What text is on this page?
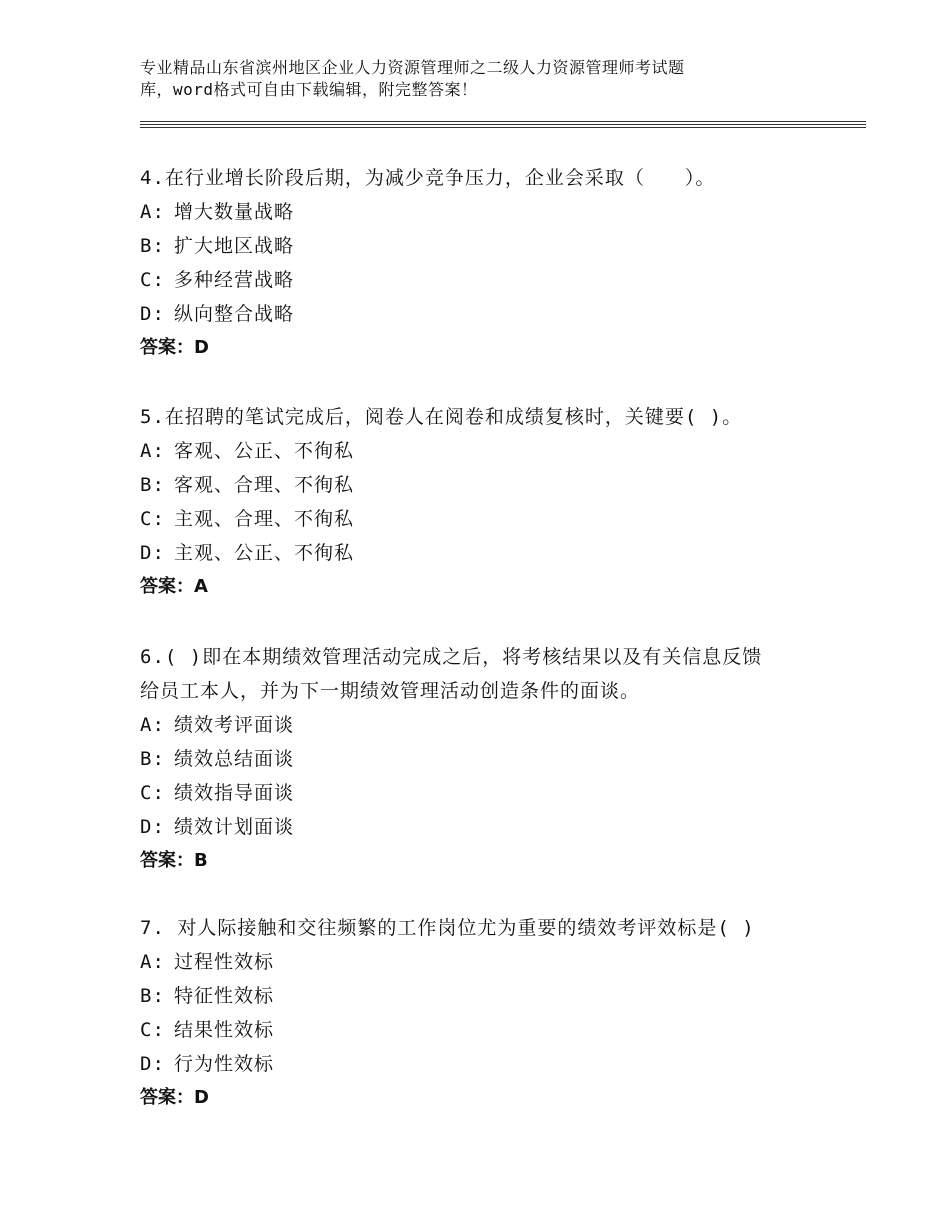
专业精品山东省滨州地区企业人力资源管理师之二级人力资源管理师考试题
库，word格式可自由下载编辑，附完整答案！

4.在行业增长阶段后期，为减少竞争压力，企业会采取（　　）。

A: 增大数量战略

B: 扩大地区战略

C: 多种经营战略

D: 纵向整合战略

答案：D

5.在招聘的笔试完成后，阅卷人在阅卷和成绩复核时，关键要( )。

A: 客观、公正、不徇私

B: 客观、合理、不徇私

C: 主观、合理、不徇私

D: 主观、公正、不徇私

答案：A

6.( )即在本期绩效管理活动完成之后，将考核结果以及有关信息反馈

给员工本人，并为下一期绩效管理活动创造条件的面谈。

A: 绩效考评面谈

B: 绩效总结面谈

C: 绩效指导面谈

D: 绩效计划面谈

答案：B

7. 对人际接触和交往频繁的工作岗位尤为重要的绩效考评效标是( )

A: 过程性效标

B: 特征性效标

C: 结果性效标

D: 行为性效标

答案：D
